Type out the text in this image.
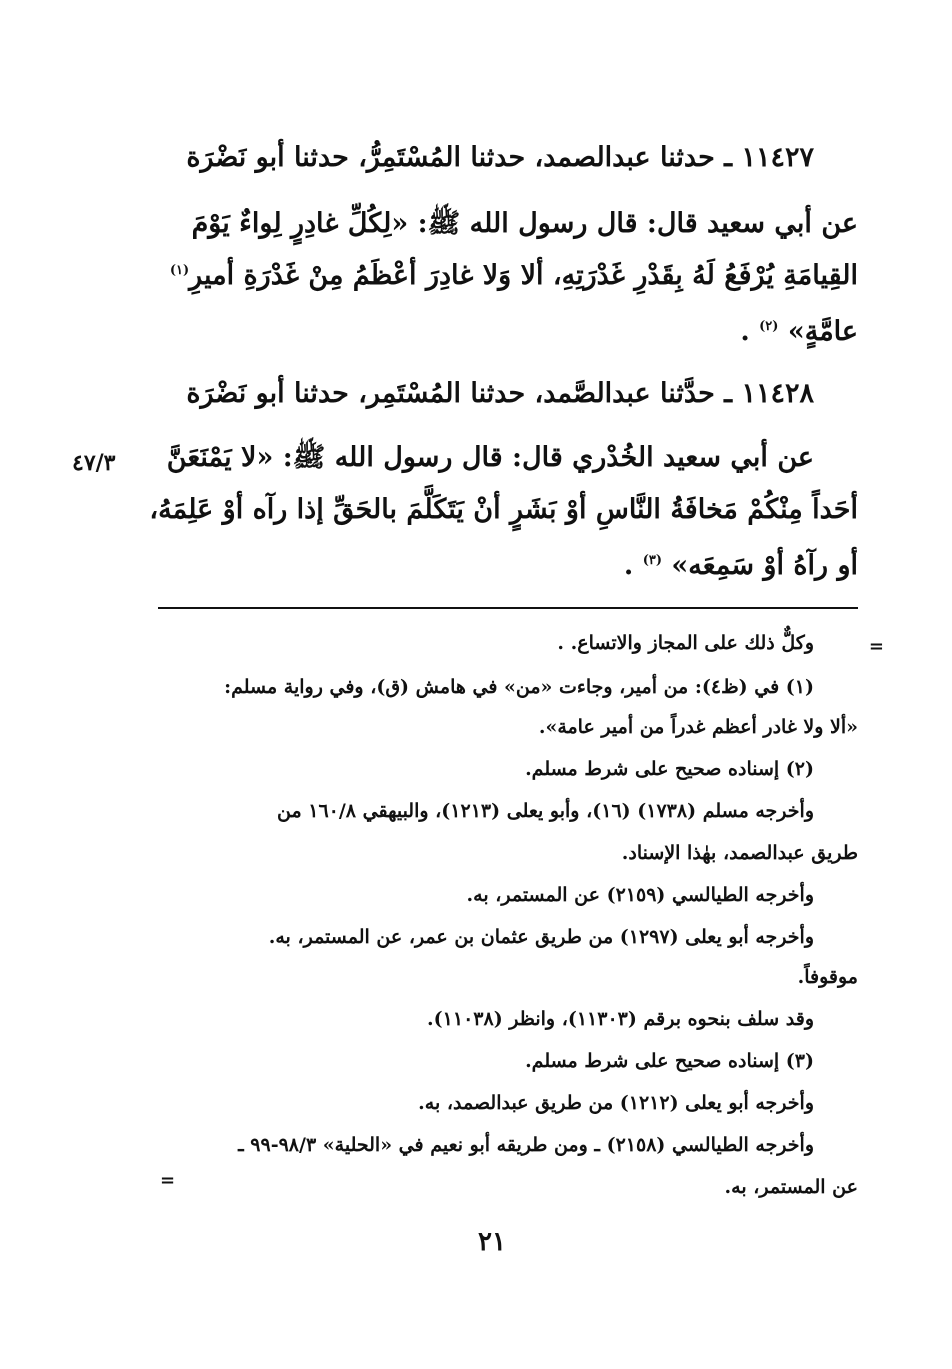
١١٤٢٧ ـ حدثنا عبدالصمد، حدثنا المُسْتَمِرُّ، حدثنا أبو نَضْرَة
عن أبي سعيد قال: قال رسول الله ﷺ: «لِكُلِّ غادِرٍ لِواءٌ يَوْمَ
القِيامَةِ يُرْفَعُ لَهُ بِقَدْرِ غَدْرَتِهِ، ألا وَلا غادِرَ أعْظَمُ مِنْ غَدْرَةِ أميرِ$^{(١)}$
عامَّةٍ» $^{(٢)}$ .
١١٤٢٨ ـ حدَّثنا عبدالصَّمد، حدثنا المُسْتَمِر، حدثنا أبو نَضْرَة
عن أبي سعيد الخُدْري قال: قال رسول الله ﷺ: «لا يَمْنَعَنَّ
أحَداً مِنْكُمْ مَخافَةُ النَّاسِ أوْ بَشَرٍ أنْ يَتَكَلَّمَ بالحَقِّ إذا رآه أوْ عَلِمَهُ،
أو رآهُ أوْ سَمِعَه» $^{(٣)}$ .
٤٧/٣
=
وكلٌّ ذلك على المجاز والاتساع. .
(١) في (ظ٤): من أمير، وجاءت «من» في هامش (ق)، وفي رواية مسلم:
«ألا ولا غادر أعظم غدراً من أمير عامة».
(٢) إسناده صحيح على شرط مسلم.
وأخرجه مسلم (١٧٣٨) (١٦)، وأبو يعلى (١٢١٣)، والبيهقي ١٦٠/٨ من
طريق عبدالصمد، بهٰذا الإسناد.
وأخرجه الطيالسي (٢١٥٩) عن المستمر، به.
وأخرجه أبو يعلى (١٢٩٧) من طريق عثمان بن عمر، عن المستمر، به.
موقوفاً.
وقد سلف بنحوه برقم (١١٣٠٣)، وانظر (١١٠٣٨).
(٣) إسناده صحيح على شرط مسلم.
وأخرجه أبو يعلى (١٢١٢) من طريق عبدالصمد، به.
وأخرجه الطيالسي (٢١٥٨) ـ ومن طريقه أبو نعيم في «الحلية» ٩٨/٣-٩٩ ـ
عن المستمر، به.
=
٢١
